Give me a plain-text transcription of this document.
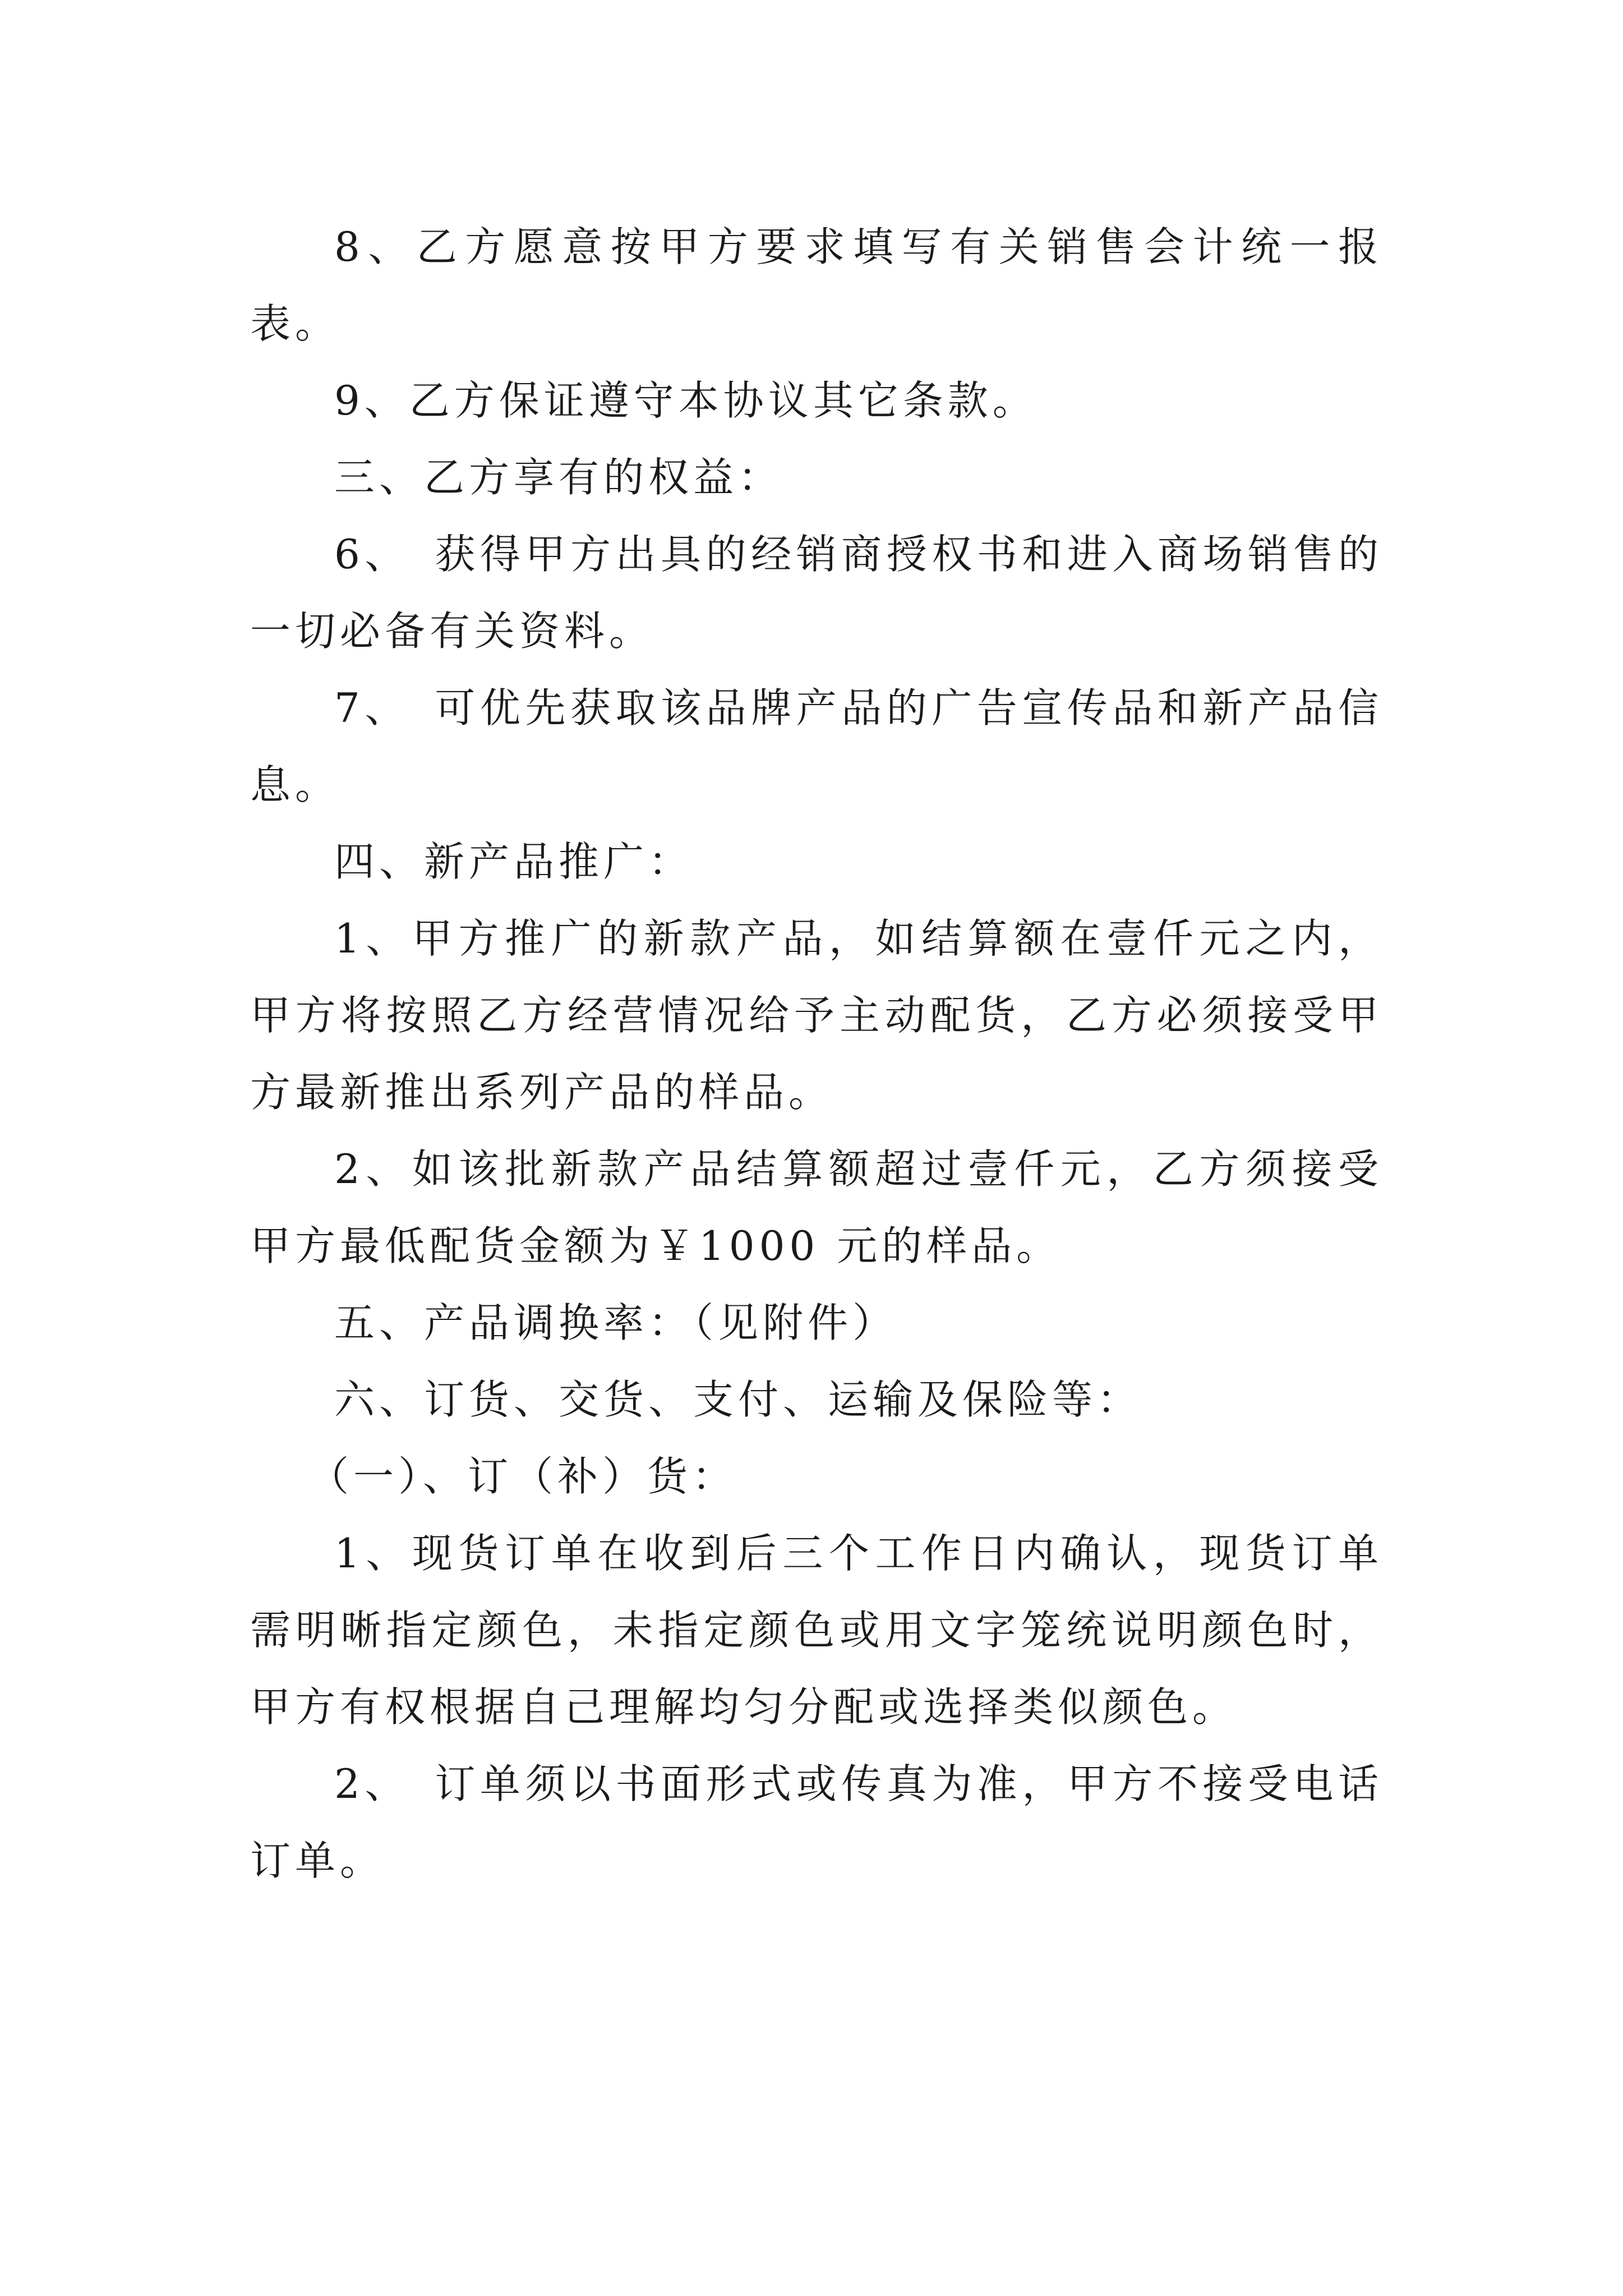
8、乙方愿意按甲方要求填写有关销售会计统一报表。

9、乙方保证遵守本协议其它条款。

三、乙方享有的权益：

6、　获得甲方出具的经销商授权书和进入商场销售的一切必备有关资料。

7、　可优先获取该品牌产品的广告宣传品和新产品信息。

四、新产品推广：

1、甲方推广的新款产品，如结算额在壹仟元之内，甲方将按照乙方经营情况给予主动配货，乙方必须接受甲方最新推出系列产品的样品。

2、如该批新款产品结算额超过壹仟元，乙方须接受甲方最低配货金额为￥1000 元的样品。

五、产品调换率：（见附件）

六、订货、交货、支付、运输及保险等：

（一）、订（补）货：

1、现货订单在收到后三个工作日内确认，现货订单需明晰指定颜色，未指定颜色或用文字笼统说明颜色时，甲方有权根据自己理解均匀分配或选择类似颜色。

2、　订单须以书面形式或传真为准，甲方不接受电话订单。
